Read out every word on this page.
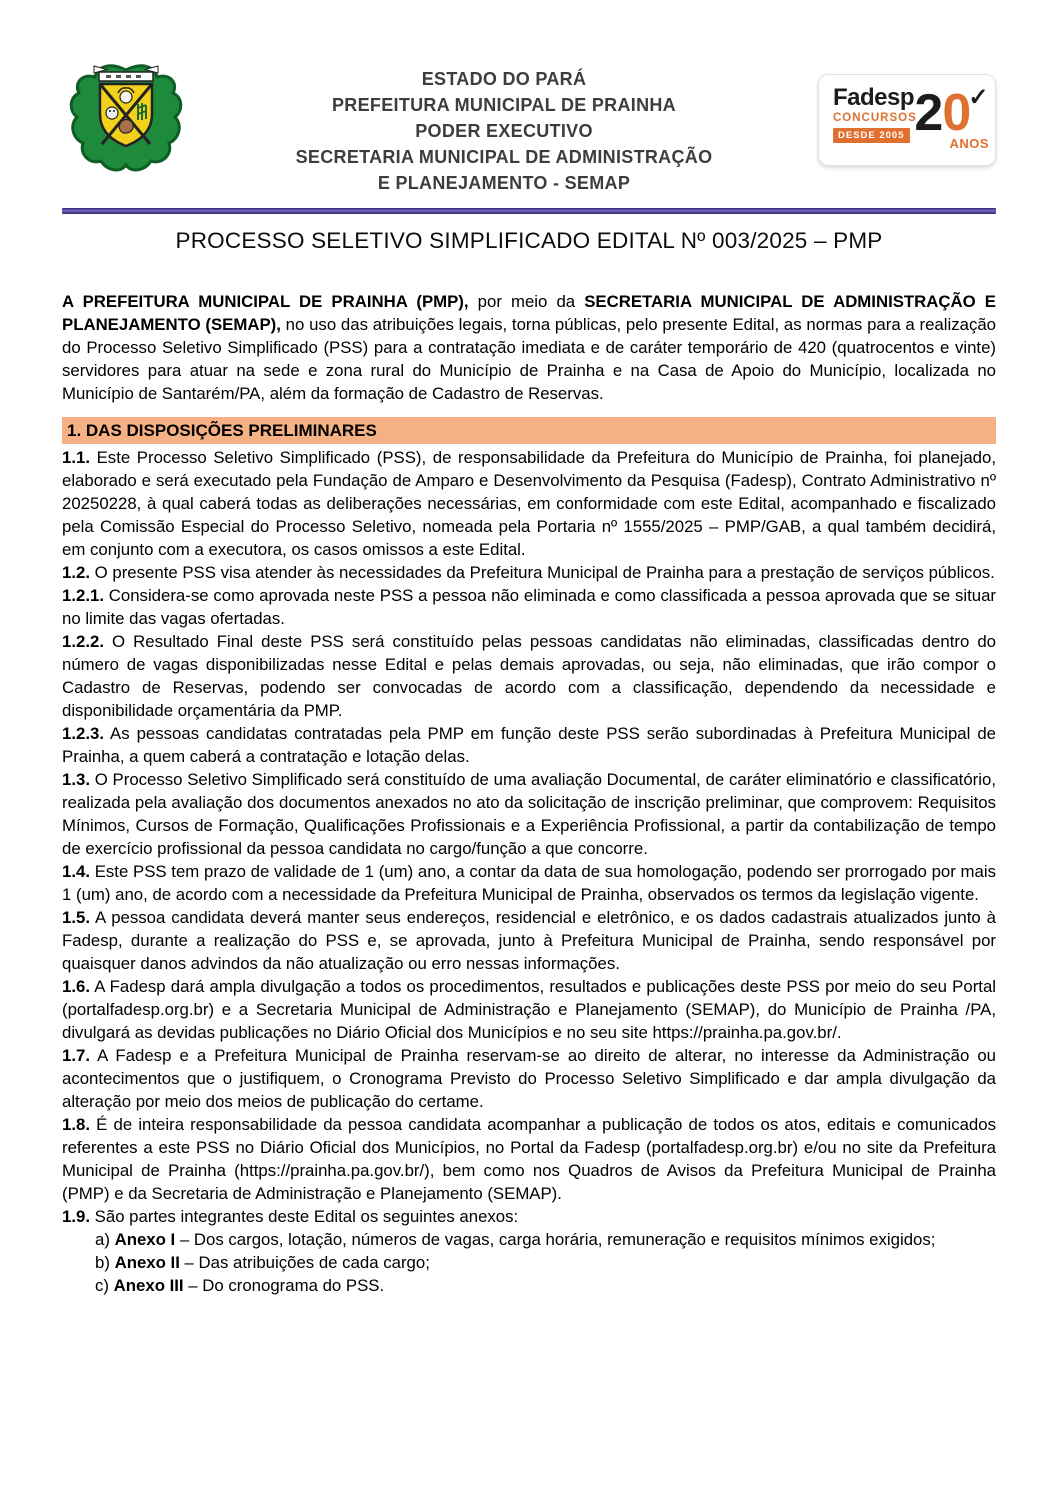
ESTADO DO PARÁ
PREFEITURA MUNICIPAL DE PRAINHA
PODER EXECUTIVO
SECRETARIA MUNICIPAL DE ADMINISTRAÇÃO
E PLANEJAMENTO - SEMAP
Fadesp
CONCURSOS
DESDE 2005 2 0
✓
ANOS
PROCESSO SELETIVO SIMPLIFICADO EDITAL Nº 003/2025 – PMP

A PREFEITURA MUNICIPAL DE PRAINHA (PMP), por meio da SECRETARIA MUNICIPAL DE ADMINISTRAÇÃO E PLANEJAMENTO (SEMAP), no uso das atribuições legais, torna públicas, pelo presente Edital, as normas para a realização do Processo Seletivo Simplificado (PSS) para a contratação imediata e de caráter temporário de 420 (quatrocentos e vinte) servidores para atuar na sede e zona rural do Município de Prainha e na Casa de Apoio do Município, localizada no Município de Santarém/PA, além da formação de Cadastro de Reservas.

1. DAS DISPOSIÇÕES PRELIMINARES

1.1. Este Processo Seletivo Simplificado (PSS), de responsabilidade da Prefeitura do Município de Prainha, foi planejado, elaborado e será executado pela Fundação de Amparo e Desenvolvimento da Pesquisa (Fadesp), Contrato Administrativo nº 20250228, à qual caberá todas as deliberações necessárias, em conformidade com este Edital, acompanhado e fiscalizado pela Comissão Especial do Processo Seletivo, nomeada pela Portaria nº 1555/2025 – PMP/GAB, a qual também decidirá, em conjunto com a executora, os casos omissos a este Edital.

1.2. O presente PSS visa atender às necessidades da Prefeitura Municipal de Prainha para a prestação de serviços públicos.

1.2.1. Considera-se como aprovada neste PSS a pessoa não eliminada e como classificada a pessoa aprovada que se situar no limite das vagas ofertadas.

1.2.2. O Resultado Final deste PSS será constituído pelas pessoas candidatas não eliminadas, classificadas dentro do número de vagas disponibilizadas nesse Edital e pelas demais aprovadas, ou seja, não eliminadas, que irão compor o Cadastro de Reservas, podendo ser convocadas de acordo com a classificação, dependendo da necessidade e disponibilidade orçamentária da PMP.

1.2.3. As pessoas candidatas contratadas pela PMP em função deste PSS serão subordinadas à Prefeitura Municipal de Prainha, a quem caberá a contratação e lotação delas.

1.3. O Processo Seletivo Simplificado será constituído de uma avaliação Documental, de caráter eliminatório e classificatório, realizada pela avaliação dos documentos anexados no ato da solicitação de inscrição preliminar, que comprovem: Requisitos Mínimos, Cursos de Formação, Qualificações Profissionais e a Experiência Profissional, a partir da contabilização de tempo de exercício profissional da pessoa candidata no cargo/função a que concorre.

1.4. Este PSS tem prazo de validade de 1 (um) ano, a contar da data de sua homologação, podendo ser prorrogado por mais 1 (um) ano, de acordo com a necessidade da Prefeitura Municipal de Prainha, observados os termos da legislação vigente.

1.5. A pessoa candidata deverá manter seus endereços, residencial e eletrônico, e os dados cadastrais atualizados junto à Fadesp, durante a realização do PSS e, se aprovada, junto à Prefeitura Municipal de Prainha, sendo responsável por quaisquer danos advindos da não atualização ou erro nessas informações.

1.6. A Fadesp dará ampla divulgação a todos os procedimentos, resultados e publicações deste PSS por meio do seu Portal (portalfadesp.org.br) e a Secretaria Municipal de Administração e Planejamento (SEMAP), do Município de Prainha /PA, divulgará as devidas publicações no Diário Oficial dos Municípios e no seu site https://prainha.pa.gov.br/.

1.7. A Fadesp e a Prefeitura Municipal de Prainha reservam-se ao direito de alterar, no interesse da Administração ou acontecimentos que o justifiquem, o Cronograma Previsto do Processo Seletivo Simplificado e dar ampla divulgação da alteração por meio dos meios de publicação do certame.

1.8. É de inteira responsabilidade da pessoa candidata acompanhar a publicação de todos os atos, editais e comunicados referentes a este PSS no Diário Oficial dos Municípios, no Portal da Fadesp (portalfadesp.org.br) e/ou no site da Prefeitura Municipal de Prainha (https://prainha.pa.gov.br/), bem como nos Quadros de Avisos da Prefeitura Municipal de Prainha (PMP) e da Secretaria de Administração e Planejamento (SEMAP).

1.9. São partes integrantes deste Edital os seguintes anexos:

a) Anexo I – Dos cargos, lotação, números de vagas, carga horária, remuneração e requisitos mínimos exigidos;

b) Anexo II – Das atribuições de cada cargo;

c) Anexo III – Do cronograma do PSS.
